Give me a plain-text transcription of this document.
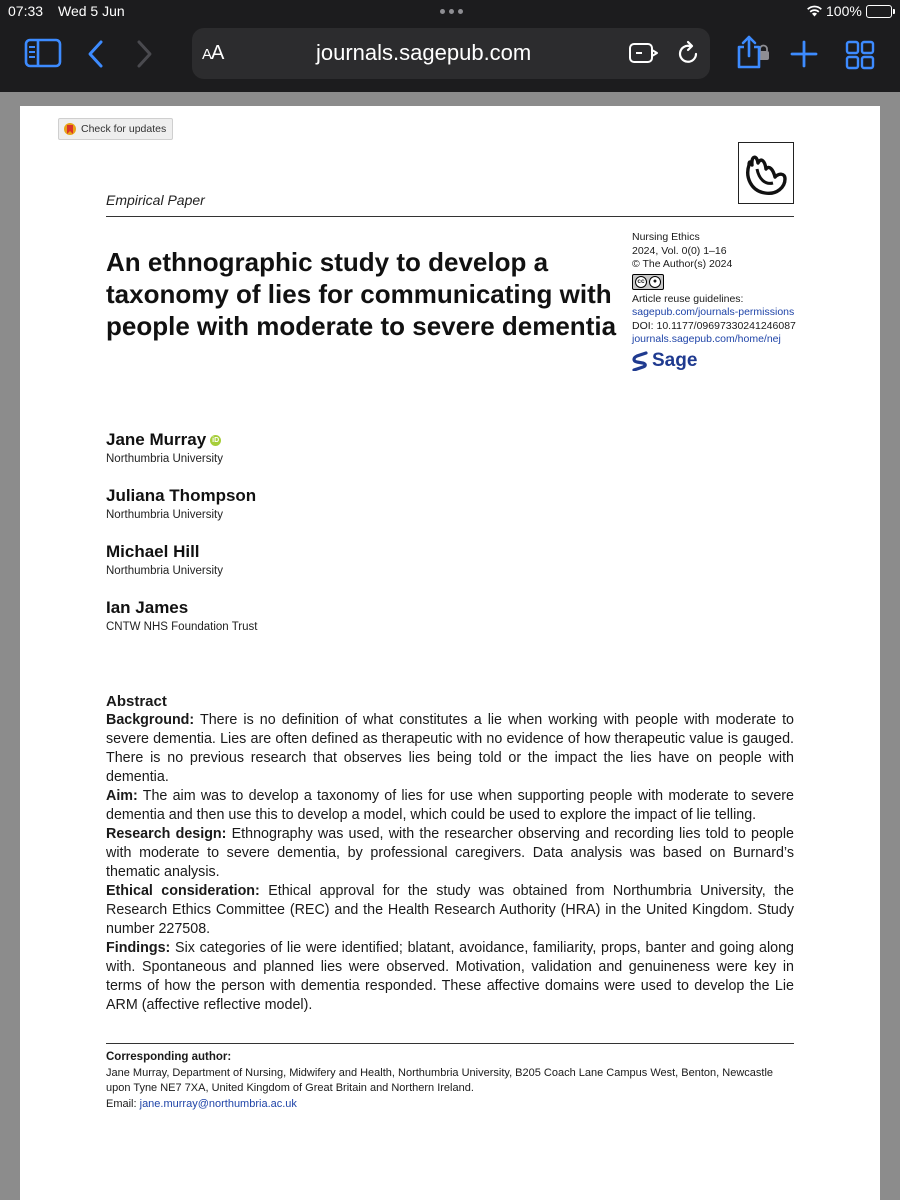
07:33 Wed 5 Jun	100%
AA	journals.sagepub.com
Check for updates
Empirical Paper
An ethnographic study to develop a taxonomy of lies for communicating with people with moderate to severe dementia
Nursing Ethics
2024, Vol. 0(0) 1–16
© The Author(s) 2024
cc	●
Article reuse guidelines:
sagepub.com/journals-permissions
DOI: 10.1177/09697330241246087
journals.sagepub.com/home/nej
Sage
Jane Murray iD
Northumbria University
Juliana Thompson
Northumbria University
Michael Hill
Northumbria University
Ian James
CNTW NHS Foundation Trust
Abstract

Background: There is no definition of what constitutes a lie when working with people with moderate to severe dementia. Lies are often defined as therapeutic with no evidence of how therapeutic value is gauged. There is no previous research that observes lies being told or the impact the lies have on people with dementia.

Aim: The aim was to develop a taxonomy of lies for use when supporting people with moderate to severe dementia and then use this to develop a model, which could be used to explore the impact of lie telling.

Research design: Ethnography was used, with the researcher observing and recording lies told to people with moderate to severe dementia, by professional caregivers. Data analysis was based on Burnard’s thematic analysis.

Ethical consideration: Ethical approval for the study was obtained from Northumbria University, the Research Ethics Committee (REC) and the Health Research Authority (HRA) in the United Kingdom. Study number 227508.

Findings: Six categories of lie were identified; blatant, avoidance, familiarity, props, banter and going along with. Spontaneous and planned lies were observed. Motivation, validation and genuineness were key in terms of how the person with dementia responded. These affective domains were used to develop the Lie ARM (affective reflective model).

Corresponding author:
Jane Murray, Department of Nursing, Midwifery and Health, Northumbria University, B205 Coach Lane Campus West, Benton, Newcastle upon Tyne NE7 7XA, United Kingdom of Great Britain and Northern Ireland.
Email: jane.murray@northumbria.ac.uk
